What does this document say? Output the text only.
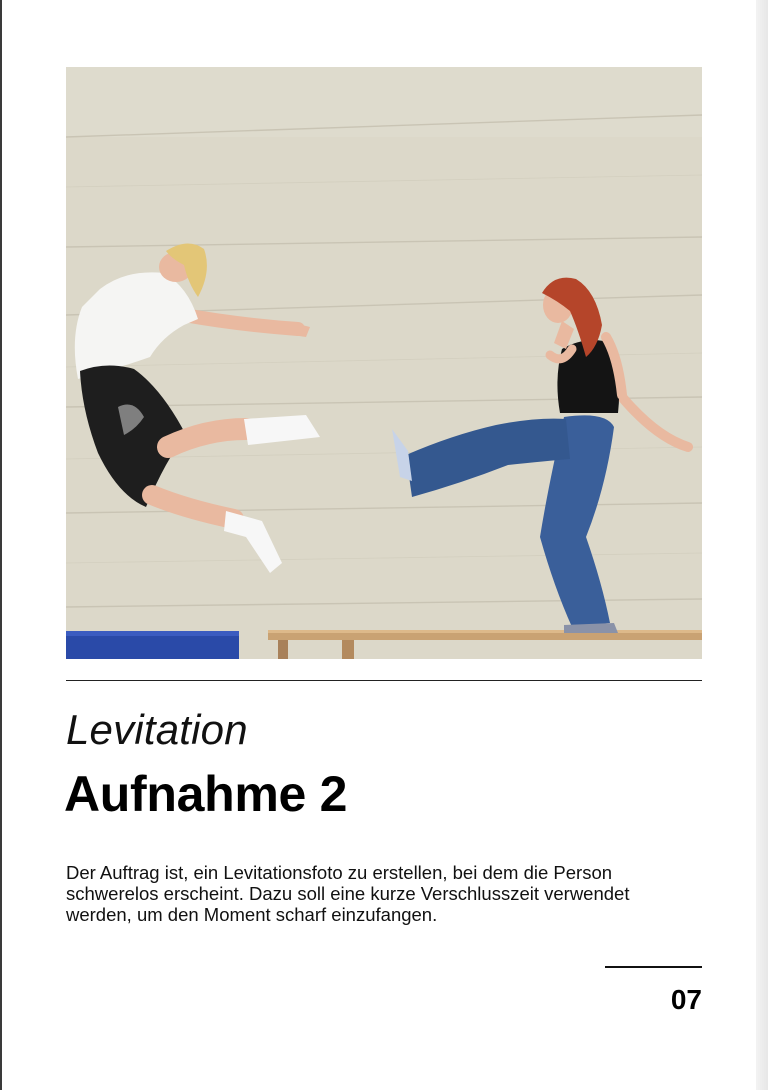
Levitation
Aufnahme 2

Der Auftrag ist, ein Levitationsfoto zu erstellen, bei dem die Person
schwerelos erscheint. Dazu soll eine kurze Verschlusszeit verwendet
werden, um den Moment scharf einzufangen.

07
